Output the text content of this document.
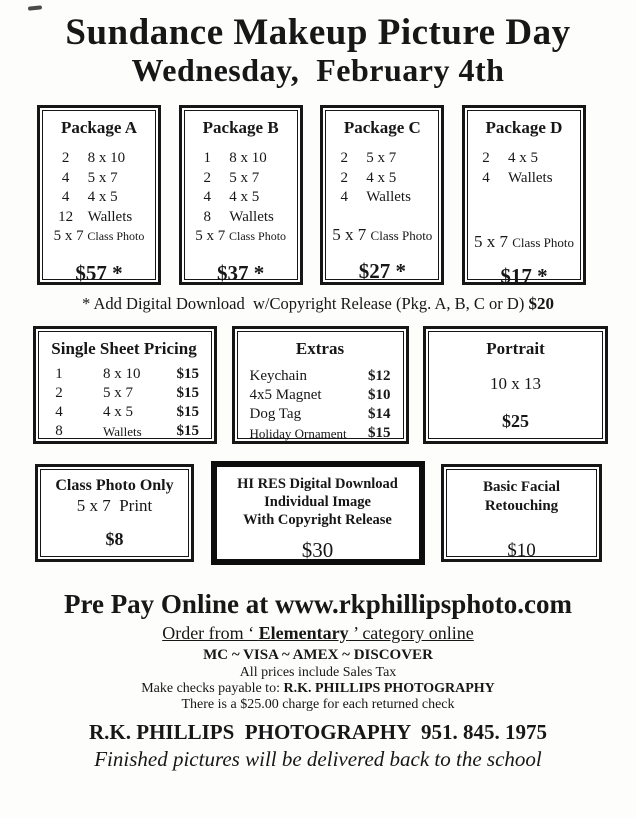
Sundance Makeup Picture Day
Wednesday,  February 4th
Package A
2	8 x 10
4	5 x 7
4	4 x 5
12 Wallets
5 x 7 Class Photo
$57 *
Package B
1	8 x 10
2	5 x 7
4	4 x 5
8	Wallets
5 x 7 Class Photo
$37 *
Package C
2	5 x 7
2	4 x 5
4	Wallets
5 x 7 Class Photo
$27 *
Package D
2	4 x 5
4	Wallets
5 x 7 Class Photo
$17 *
* Add Digital Download  w/Copyright Release (Pkg. A, B, C or D) $20
Single Sheet Pricing
1	8 x 10	$15
2	5 x 7	$15
4	4 x 5	$15
8	Wallets	$15
Extras
Keychain	$12
4x5 Magnet	$10
Dog Tag	$14
Holiday Ornament $15
Portrait
10 x 13
$25
Class Photo Only
5 x 7  Print
$8
HI RES Digital Download
Individual Image
With Copyright Release
$30
Basic Facial
Retouching
$10
Pre Pay Online at www.rkphillipsphoto.com
Order from ‘ Elementary ’ category online
MC ~ VISA ~ AMEX ~ DISCOVER
All prices include Sales Tax
Make checks payable to: R.K. PHILLIPS PHOTOGRAPHY
There is a $25.00 charge for each returned check
R.K. PHILLIPS  PHOTOGRAPHY  951. 845. 1975
Finished pictures will be delivered back to the school
